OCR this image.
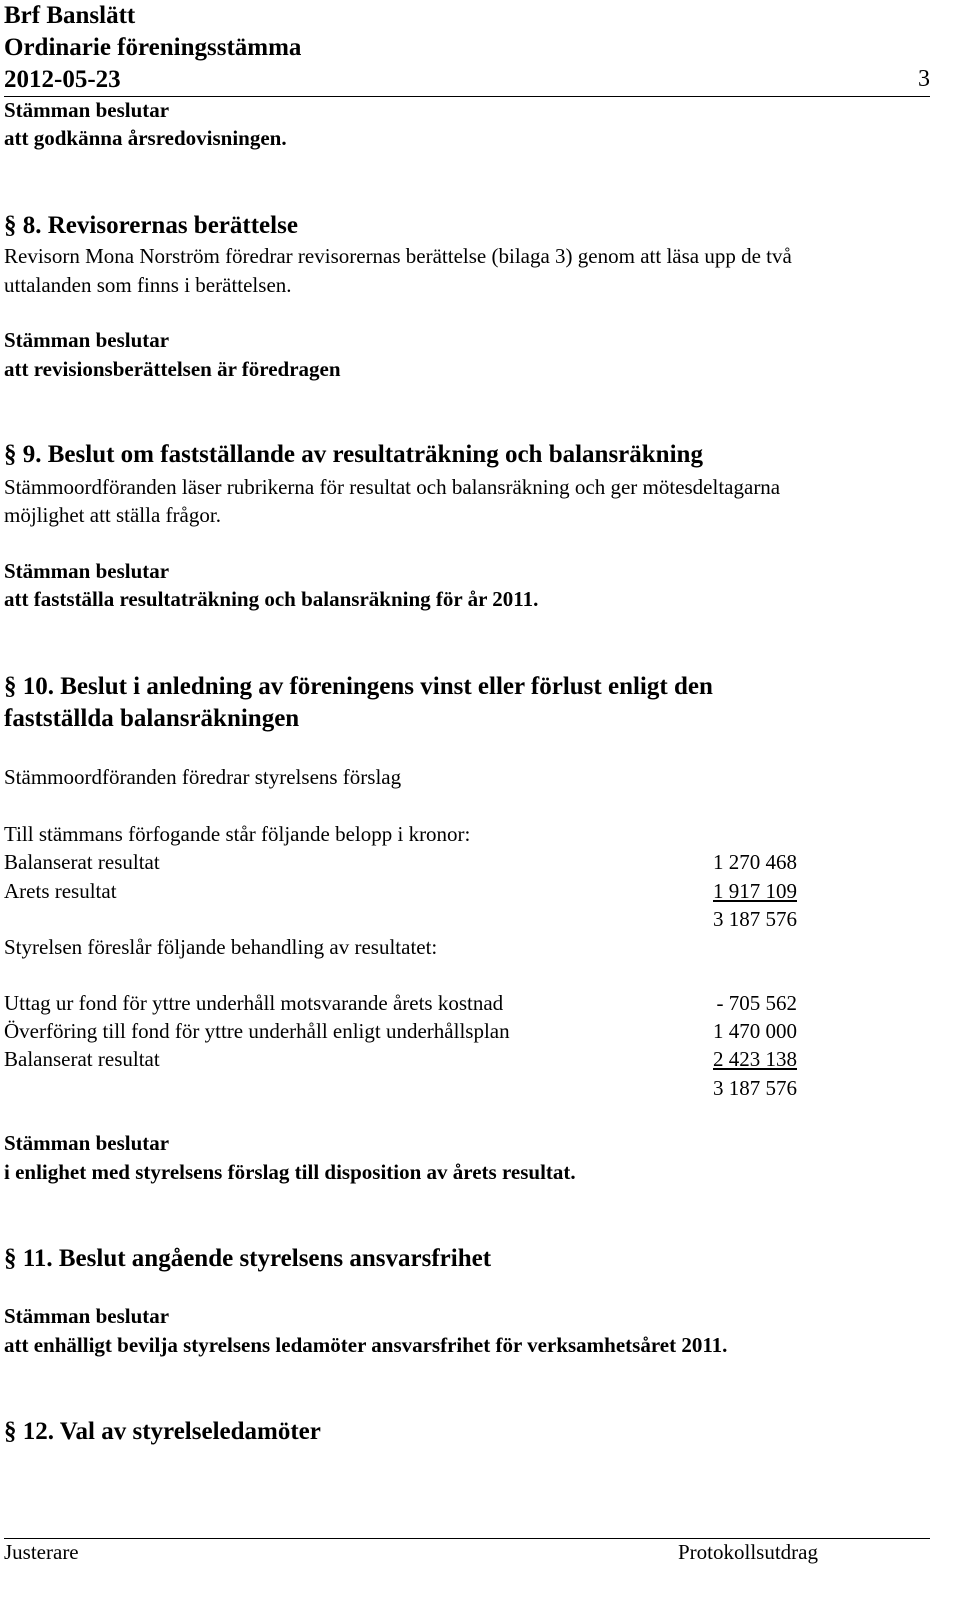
Brf Banslätt
Ordinarie föreningsstämma
2012-05-23	3
Stämman beslutar
att godkänna årsredovisningen.
§ 8. Revisorernas berättelse
Revisorn Mona Norström föredrar revisorernas berättelse (bilaga 3) genom att läsa upp de två
uttalanden som finns i berättelsen.
Stämman beslutar
att revisionsberättelsen är föredragen
§ 9. Beslut om fastställande av resultaträkning och balansräkning
Stämmoordföranden läser rubrikerna för resultat och balansräkning och ger mötesdeltagarna
möjlighet att ställa frågor.
Stämman beslutar
att fastställa resultaträkning och balansräkning för år 2011.
§ 10. Beslut i anledning av föreningens vinst eller förlust enligt den
fastställda balansräkningen
Stämmoordföranden föredrar styrelsens förslag
Till stämmans förfogande står följande belopp i kronor:
Balanserat resultat	1 270 468
Arets resultat	1 917 109
3 187 576
Styrelsen föreslår följande behandling av resultatet:
Uttag ur fond för yttre underhåll motsvarande årets kostnad	- 705 562
Överföring till fond för yttre underhåll enligt underhållsplan	1 470 000
Balanserat resultat	2 423 138
3 187 576
Stämman beslutar
i enlighet med styrelsens förslag till disposition av årets resultat.
§ 11. Beslut angående styrelsens ansvarsfrihet
Stämman beslutar
att enhälligt bevilja styrelsens ledamöter ansvarsfrihet för verksamhetsåret 2011.
§ 12. Val av styrelseledamöter
Justerare	Protokollsutdrag
